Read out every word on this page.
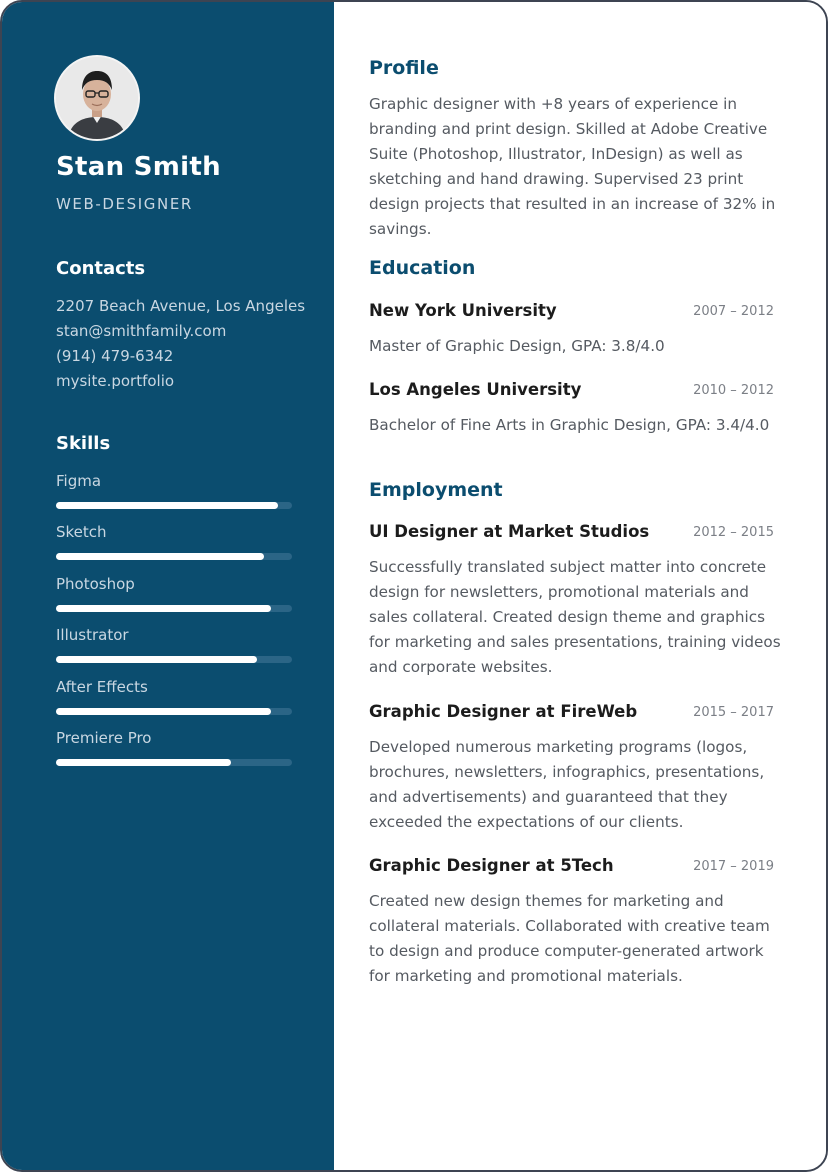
Stan Smith
WEB-DESIGNER
Contacts
2207 Beach Avenue, Los Angeles
stan@smithfamily.com
(914) 479-6342
mysite.portfolio
Skills
Figma
Sketch
Photoshop
Illustrator
After Effects
Premiere Pro
Profile

Graphic designer with +8 years of experience in branding and print design. Skilled at Adobe Creative Suite (Photoshop, Illustrator, InDesign) as well as sketching and hand drawing. Supervised 23 print design projects that resulted in an increase of 32% in savings.

Education
New York University	2007 – 2012

Master of Graphic Design, GPA: 3.8/4.0

Los Angeles University	2010 – 2012

Bachelor of Fine Arts in Graphic Design, GPA: 3.4/4.0

Employment
UI Designer at Market Studios	2012 – 2015

Successfully translated subject matter into concrete design for newsletters, promotional materials and sales collateral. Created design theme and graphics for marketing and sales presentations, training videos and corporate websites.

Graphic Designer at FireWeb	2015 – 2017

Developed numerous marketing programs (logos, brochures, newsletters, infographics, presentations, and advertisements) and guaranteed that they exceeded the expectations of our clients.

Graphic Designer at 5Tech	2017 – 2019

Created new design themes for marketing and collateral materials. Collaborated with creative team to design and produce computer-generated artwork for marketing and promotional materials.
